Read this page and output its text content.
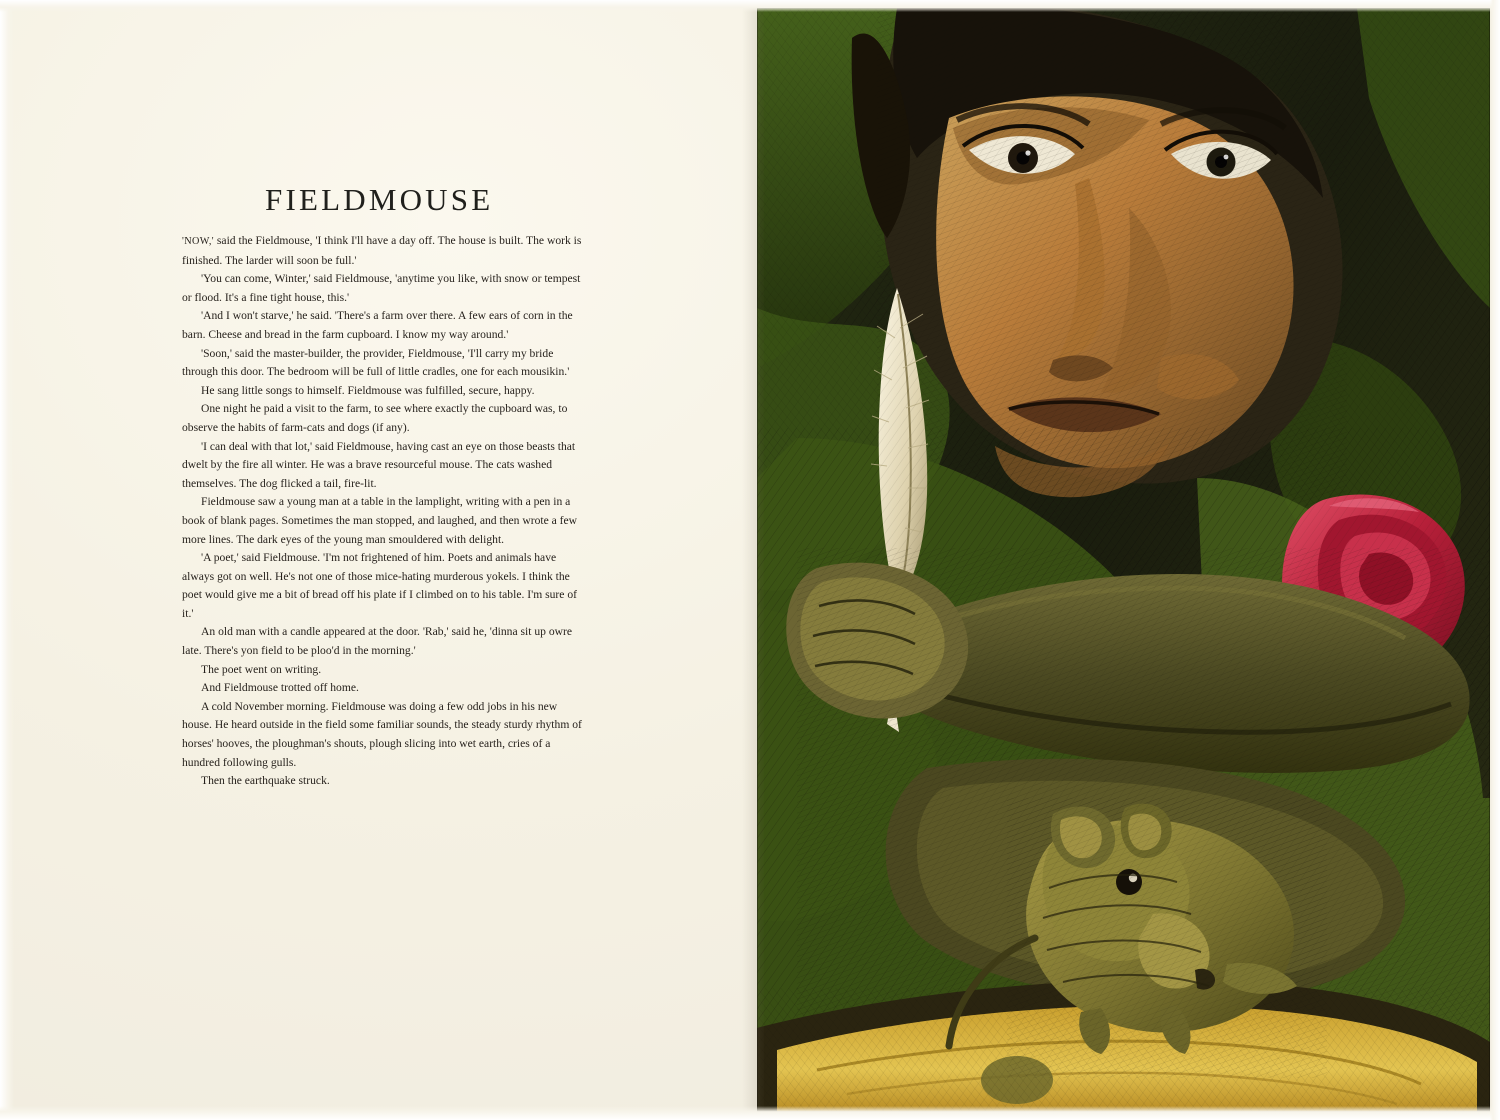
FIELDMOUSE

'NOW,' said the Fieldmouse, 'I think I'll have a day off. The house is built. The work is finished. The larder will soon be full.'

'You can come, Winter,' said Fieldmouse, 'anytime you like, with snow or tempest or flood. It's a fine tight house, this.'

'And I won't starve,' he said. 'There's a farm over there. A few ears of corn in the barn. Cheese and bread in the farm cupboard. I know my way around.'

'Soon,' said the master-builder, the provider, Fieldmouse, 'I'll carry my bride through this door. The bedroom will be full of little cradles, one for each mousikin.'

He sang little songs to himself. Fieldmouse was fulfilled, secure, happy.

One night he paid a visit to the farm, to see where exactly the cupboard was, to observe the habits of farm-cats and dogs (if any).

'I can deal with that lot,' said Fieldmouse, having cast an eye on those beasts that dwelt by the fire all winter. He was a brave resourceful mouse. The cats washed themselves. The dog flicked a tail, fire-lit.

Fieldmouse saw a young man at a table in the lamplight, writing with a pen in a book of blank pages. Sometimes the man stopped, and laughed, and then wrote a few more lines. The dark eyes of the young man smouldered with delight.

'A poet,' said Fieldmouse. 'I'm not frightened of him. Poets and animals have always got on well. He's not one of those mice-hating murderous yokels. I think the poet would give me a bit of bread off his plate if I climbed on to his table. I'm sure of it.'

An old man with a candle appeared at the door. 'Rab,' said he, 'dinna sit up owre late. There's yon field to be ploo'd in the morning.'

The poet went on writing.

And Fieldmouse trotted off home.

A cold November morning. Fieldmouse was doing a few odd jobs in his new house. He heard outside in the field some familiar sounds, the steady sturdy rhythm of horses' hooves, the ploughman's shouts, plough slicing into wet earth, cries of a hundred following gulls.

Then the earthquake struck.
